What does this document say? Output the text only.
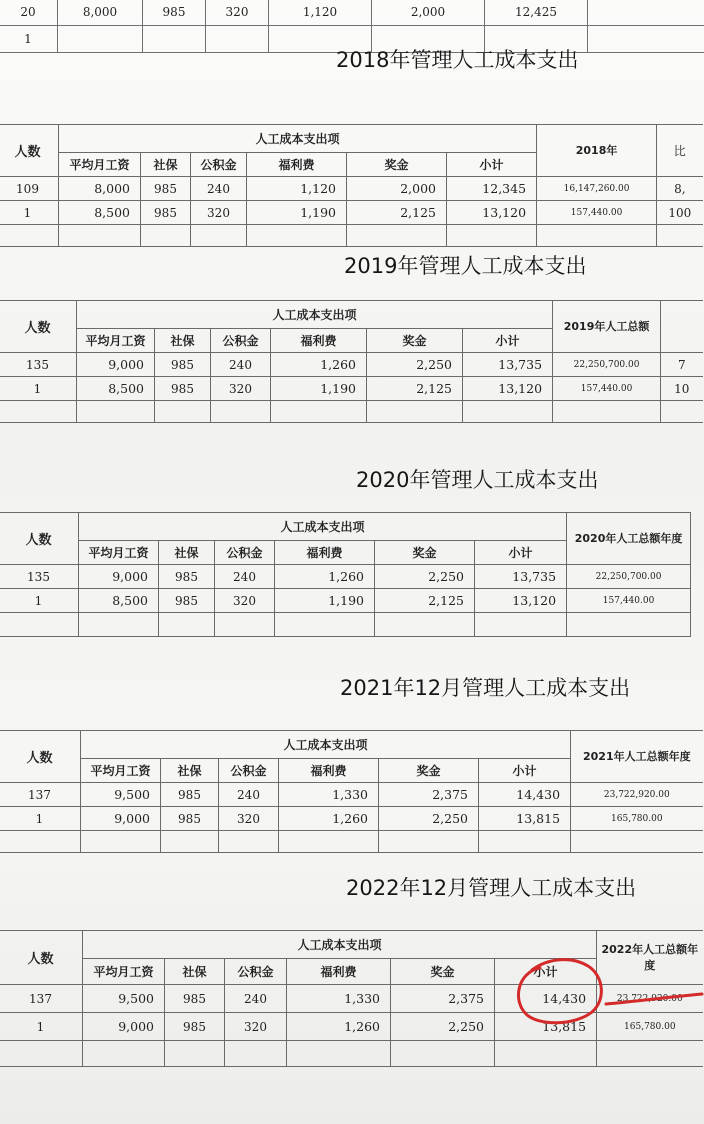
20	8,000	985	320	1,120	2,000	12,425	
1							
2018年管理人工成本支出
人数	人工成本支出项						2018年	比
	平均月工资	社保	公积金	福利费	奖金	小计		
109	8,000	985	240	1,120	2,000	12,345	16,147,260.00	8,
1	8,500	985	320	1,190	2,125	13,120	157,440.00	100

2019年管理人工成本支出
人数	人工成本支出项						2019年人工总额	
	平均月工资	社保	公积金	福利费	奖金	小计		
135	9,000	985	240	1,260	2,250	13,735	22,250,700.00	7
1	8,500	985	320	1,190	2,125	13,120	157,440.00	10

2020年管理人工成本支出
人数	人工成本支出项						2020年人工总额年度
	平均月工资	社保	公积金	福利费	奖金	小计	
135	9,000	985	240	1,260	2,250	13,735	22,250,700.00
1	8,500	985	320	1,190	2,125	13,120	157,440.00

2021年12月管理人工成本支出
人数	人工成本支出项						2021年人工总额年度
	平均月工资	社保	公积金	福利费	奖金	小计	
137	9,500	985	240	1,330	2,375	14,430	23,722,920.00
1	9,000	985	320	1,260	2,250	13,815	165,780.00

2022年12月管理人工成本支出
人数	人工成本支出项						2022年人工总额年度
	平均月工资	社保	公积金	福利费	奖金	小计	
137	9,500	985	240	1,330	2,375	14,430	23,722,920.00
1	9,000	985	320	1,260	2,250	13,815	165,780.00
